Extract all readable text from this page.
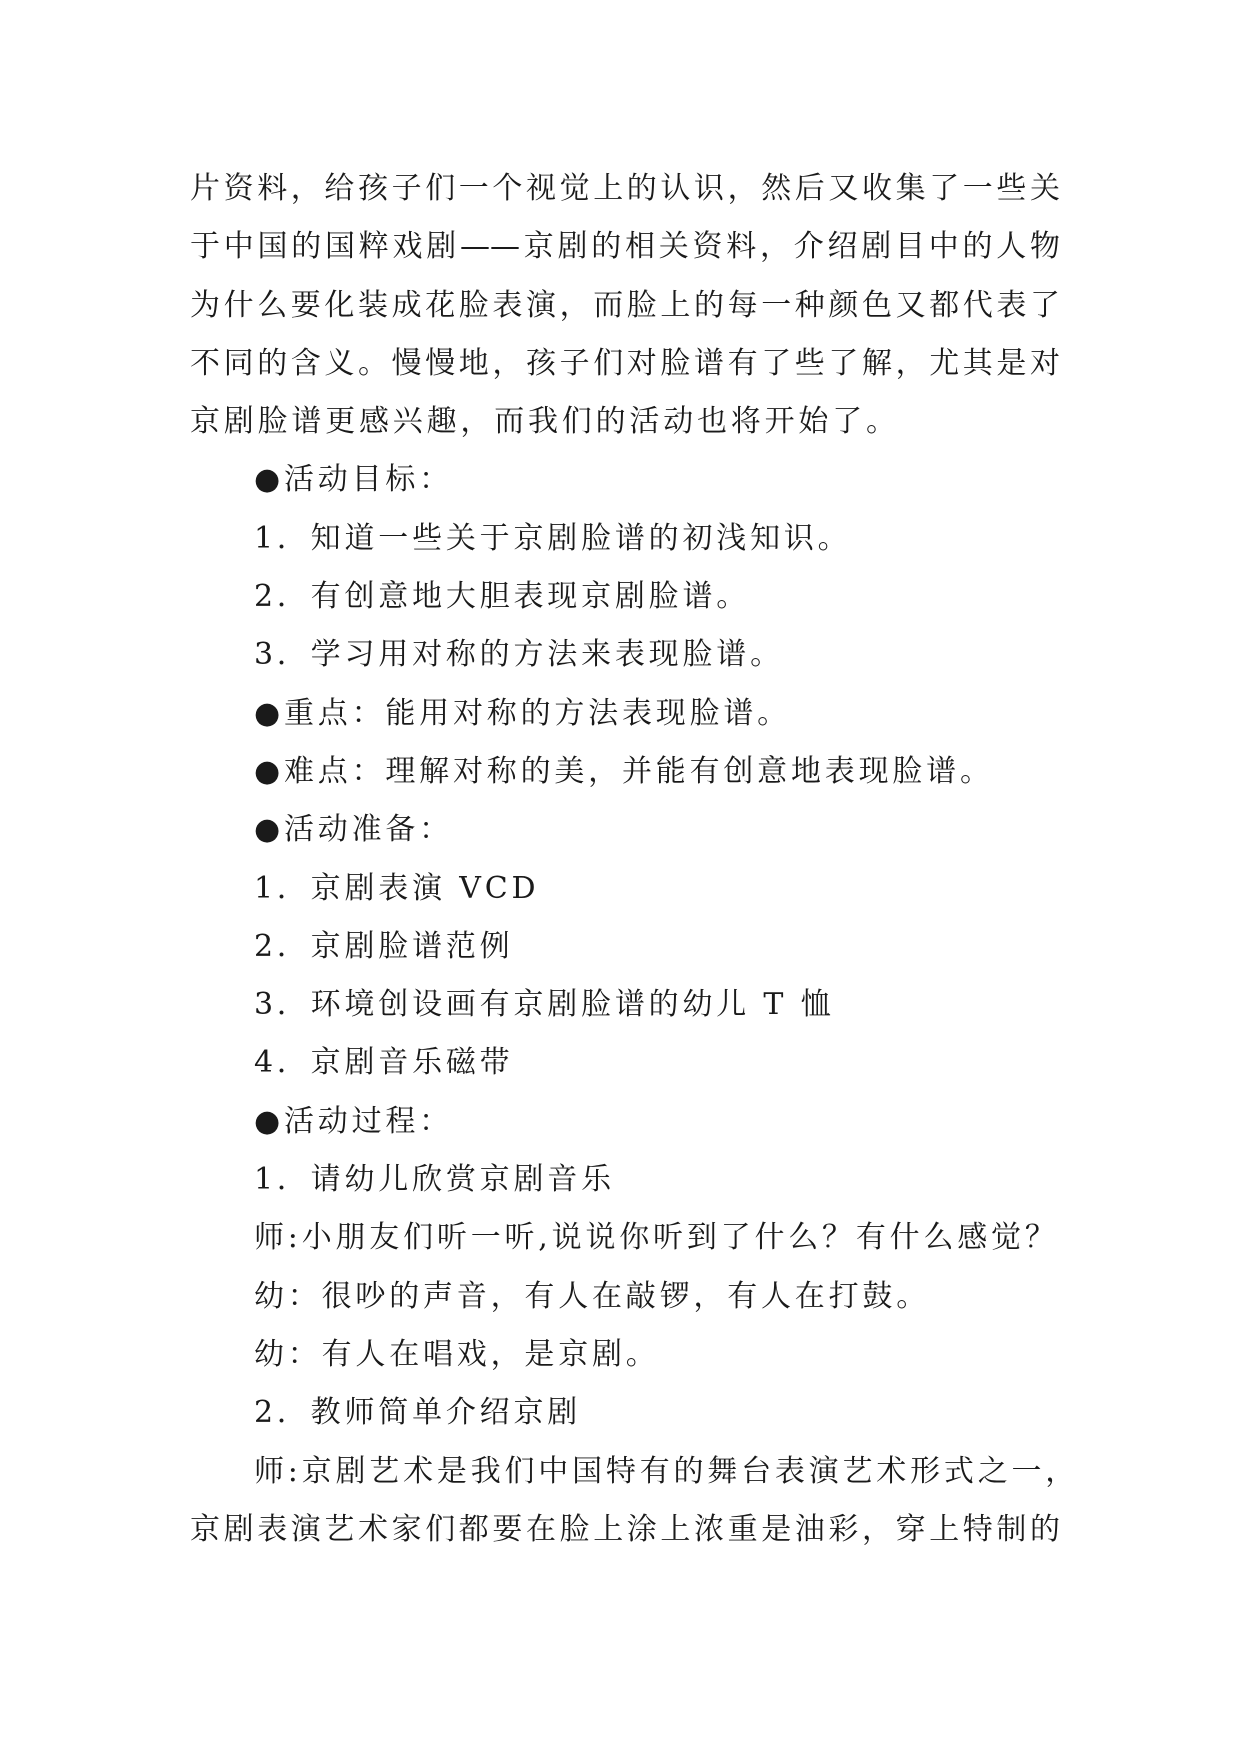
片资料，给孩子们一个视觉上的认识，然后又收集了一些关
于中国的国粹戏剧——京剧的相关资料，介绍剧目中的人物
为什么要化装成花脸表演，而脸上的每一种颜色又都代表了
不同的含义。慢慢地，孩子们对脸谱有了些了解，尤其是对
京剧脸谱更感兴趣，而我们的活动也将开始了。
●活动目标：
1．知道一些关于京剧脸谱的初浅知识。
2．有创意地大胆表现京剧脸谱。
3．学习用对称的方法来表现脸谱。
●重点：能用对称的方法表现脸谱。
●难点：理解对称的美，并能有创意地表现脸谱。
●活动准备：
1．京剧表演 VCD
2．京剧脸谱范例
3．环境创设画有京剧脸谱的幼儿 T 恤
4．京剧音乐磁带
●活动过程：
1．请幼儿欣赏京剧音乐
师:小朋友们听一听,说说你听到了什么？有什么感觉？
幼：很吵的声音，有人在敲锣，有人在打鼓。
幼：有人在唱戏，是京剧。
2．教师简单介绍京剧
师:京剧艺术是我们中国特有的舞台表演艺术形式之一，
京剧表演艺术家们都要在脸上涂上浓重是油彩，穿上特制的
